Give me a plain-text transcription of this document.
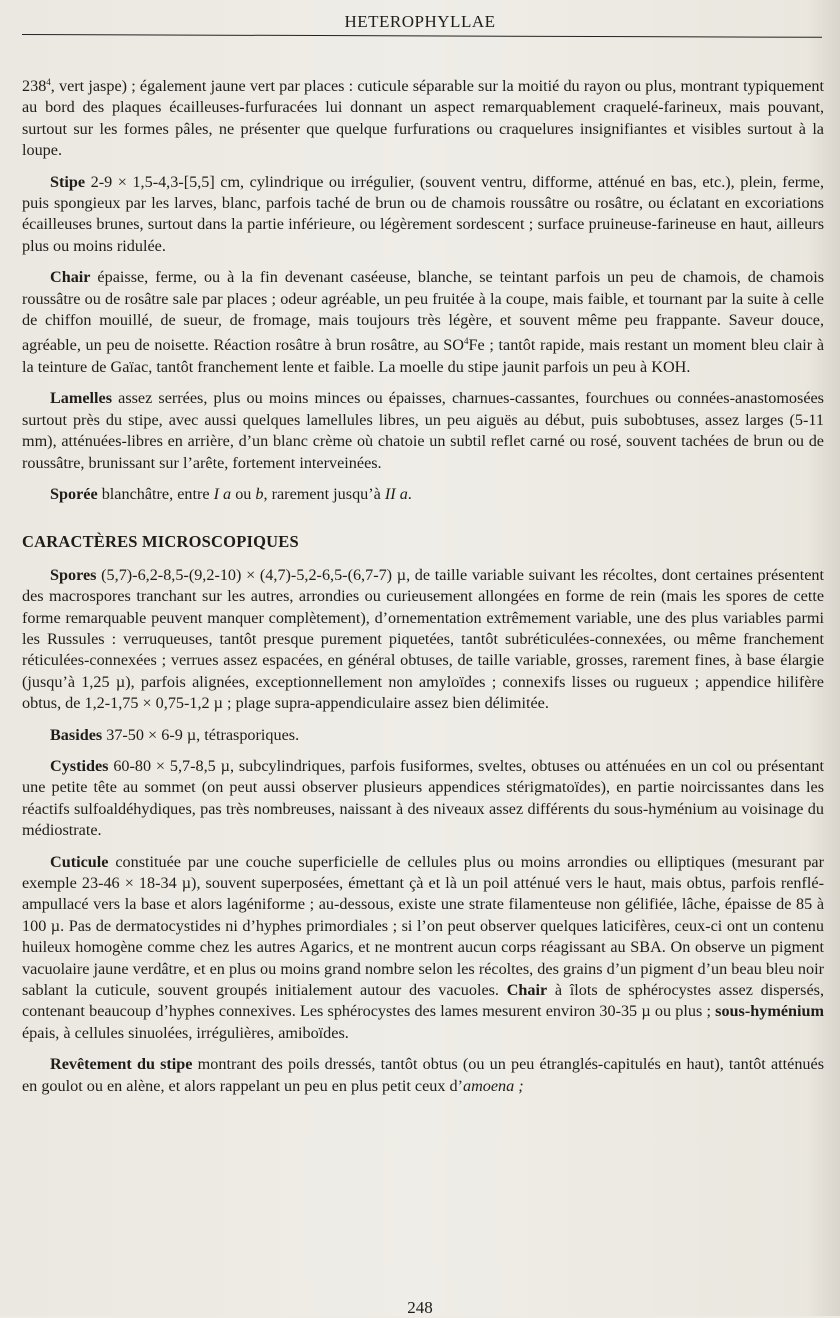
HETEROPHYLLAE

$238^4$, vert jaspe) ; également jaune vert par places : cuticule séparable sur la moitié du rayon ou plus, montrant typiquement au bord des plaques écailleuses-furfuracées lui donnant un aspect remarquablement craquelé-farineux, mais pouvant, surtout sur les formes pâles, ne présenter que quelque furfurations ou craquelures insignifiantes et visibles surtout à la loupe.

Stipe 2-9 × 1,5-4,3-[5,5] cm, cylindrique ou irrégulier, (souvent ventru, difforme, atténué en bas, etc.), plein, ferme, puis spongieux par les larves, blanc, parfois taché de brun ou de chamois roussâtre ou rosâtre, ou éclatant en excoriations écailleuses brunes, surtout dans la partie inférieure, ou légèrement sordescent ; surface pruineuse-farineuse en haut, ailleurs plus ou moins ridulée.

Chair épaisse, ferme, ou à la fin devenant caséeuse, blanche, se teintant parfois un peu de chamois, de chamois roussâtre ou de rosâtre sale par places ; odeur agréable, un peu fruitée à la coupe, mais faible, et tournant par la suite à celle de chiffon mouillé, de sueur, de fromage, mais toujours très légère, et souvent même peu frappante. Saveur douce, agréable, un peu de noisette. Réaction rosâtre à brun rosâtre, au $SO^4Fe$ ; tantôt rapide, mais restant un moment bleu clair à la teinture de Gaïac, tantôt franchement lente et faible. La moelle du stipe jaunit parfois un peu à KOH.

Lamelles assez serrées, plus ou moins minces ou épaisses, charnues-cassantes, fourchues ou connées-anastomosées surtout près du stipe, avec aussi quelques lamellules libres, un peu aiguës au début, puis subobtuses, assez larges (5-11 mm), atténuées-libres en arrière, d’un blanc crème où chatoie un subtil reflet carné ou rosé, souvent tachées de brun ou de roussâtre, brunissant sur l’arête, fortement interveinées.

Sporée blanchâtre, entre I a ou b, rarement jusqu’à II a.

CARACTÈRES MICROSCOPIQUES

Spores (5,7)-6,2-8,5-(9,2-10) × (4,7)-5,2-6,5-(6,7-7) µ, de taille variable suivant les récoltes, dont certaines présentent des macrospores tranchant sur les autres, arrondies ou curieusement allongées en forme de rein (mais les spores de cette forme remarquable peuvent manquer complètement), d’ornementation extrêmement variable, une des plus variables parmi les Russules : verruqueuses, tantôt presque purement piquetées, tantôt subréticulées-connexées, ou même franchement réticulées-connexées ; verrues assez espacées, en général obtuses, de taille variable, grosses, rarement fines, à base élargie (jusqu’à 1,25 µ), parfois alignées, exceptionnellement non amyloïdes ; connexifs lisses ou rugueux ; appendice hilifère obtus, de 1,2-1,75 × 0,75-1,2 µ ; plage supra-appendiculaire assez bien délimitée.

Basides 37-50 × 6-9 µ, tétrasporiques.

Cystides 60-80 × 5,7-8,5 µ, subcylindriques, parfois fusiformes, sveltes, obtuses ou atténuées en un col ou présentant une petite tête au sommet (on peut aussi observer plusieurs appendices stérigmatoïdes), en partie noircissantes dans les réactifs sulfoaldéhydiques, pas très nombreuses, naissant à des niveaux assez différents du sous-hyménium au voisinage du médiostrate.

Cuticule constituée par une couche superficielle de cellules plus ou moins arrondies ou elliptiques (mesurant par exemple 23-46 × 18-34 µ), souvent superposées, émettant çà et là un poil atténué vers le haut, mais obtus, parfois renflé-ampullacé vers la base et alors lagéniforme ; au-dessous, existe une strate filamenteuse non gélifiée, lâche, épaisse de 85 à 100 µ. Pas de dermatocystides ni d’hyphes primordiales ; si l’on peut observer quelques laticifères, ceux-ci ont un contenu huileux homogène comme chez les autres Agarics, et ne montrent aucun corps réagissant au SBA. On observe un pigment vacuolaire jaune verdâtre, et en plus ou moins grand nombre selon les récoltes, des grains d’un pigment d’un beau bleu noir sablant la cuticule, souvent groupés initialement autour des vacuoles. Chair à îlots de sphérocystes assez dispersés, contenant beaucoup d’hyphes connexives. Les sphérocystes des lames mesurent environ 30-35 µ ou plus ; sous-hyménium épais, à cellules sinuolées, irrégulières, amiboïdes.

Revêtement du stipe montrant des poils dressés, tantôt obtus (ou un peu étranglés-capitulés en haut), tantôt atténués en goulot ou en alène, et alors rappelant un peu en plus petit ceux d’amoena ;

248
